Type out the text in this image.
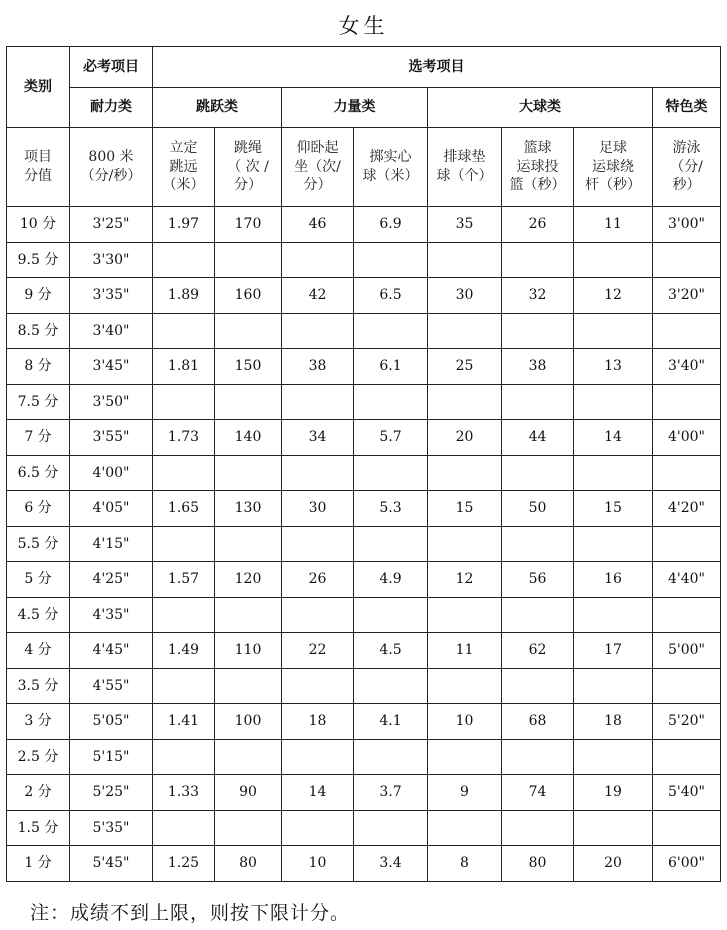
女生
类别	必考项目	选考项目							
	耐力类	跳跃类		力量类		大球类			特色类
项目
分值	800 米
（分/秒）	立定
跳远
（米）	跳绳
（ 次 /
分）	仰卧起
坐（次/
分）	掷实心
球（米）	排球垫
球（个）	篮球
运球投
篮（秒）	足球
运球绕
杆（秒）	游泳
（分/
秒）
10 分	3'25"	1.97	170	46	6.9	35	26	11	3'00"
9.5 分	3'30"								
9 分	3'35"	1.89	160	42	6.5	30	32	12	3'20"
8.5 分	3'40"								
8 分	3'45"	1.81	150	38	6.1	25	38	13	3'40"
7.5 分	3'50"								
7 分	3'55"	1.73	140	34	5.7	20	44	14	4'00"
6.5 分	4'00"								
6 分	4'05"	1.65	130	30	5.3	15	50	15	4'20"
5.5 分	4'15"								
5 分	4'25"	1.57	120	26	4.9	12	56	16	4'40"
4.5 分	4'35"								
4 分	4'45"	1.49	110	22	4.5	11	62	17	5'00"
3.5 分	4'55"								
3 分	5'05"	1.41	100	18	4.1	10	68	18	5'20"
2.5 分	5'15"								
2 分	5'25"	1.33	90	14	3.7	9	74	19	5'40"
1.5 分	5'35"								
1 分	5'45"	1.25	80	10	3.4	8	80	20	6'00"
注：成绩不到上限，则按下限计分。
